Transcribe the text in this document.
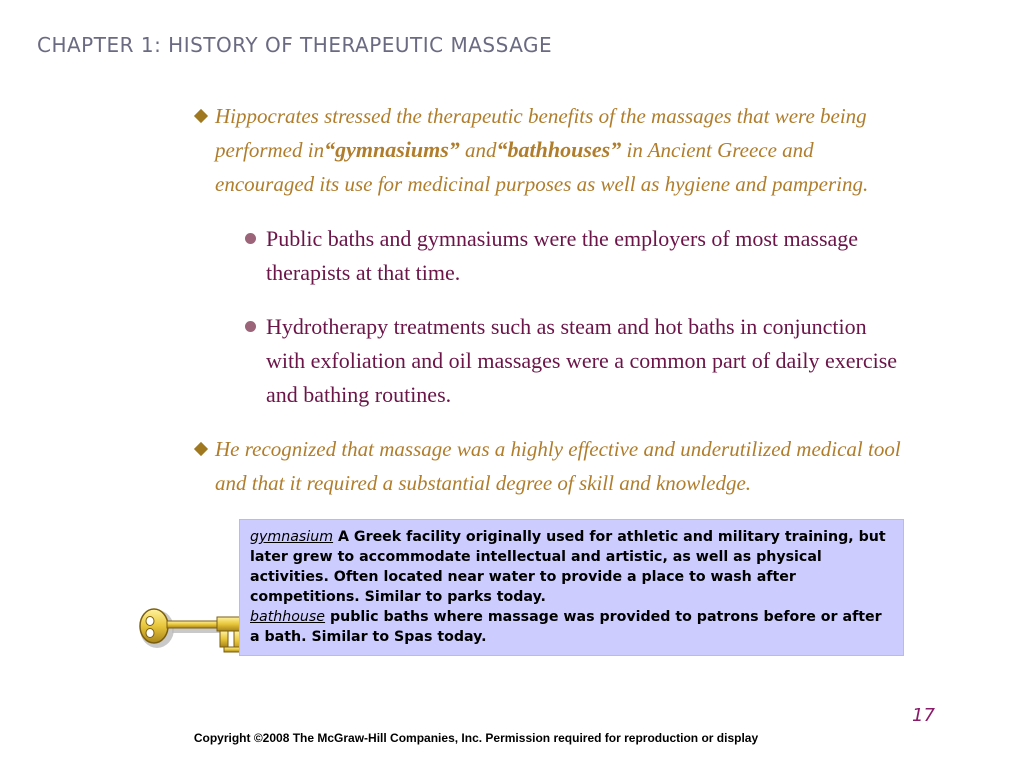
CHAPTER 1: HISTORY OF THERAPEUTIC MASSAGE
Hippocrates stressed the therapeutic benefits of the massages that were being performed in“gymnasiums” and“bathhouses” in Ancient Greece and encouraged its use for medicinal purposes as well as hygiene and pampering.
Public baths and gymnasiums were the employers of most massage therapists at that time.
Hydrotherapy treatments such as steam and hot baths in conjunction with exfoliation and oil massages were a common part of daily exercise and bathing routines.
He recognized that massage was a highly effective and underutilized medical tool and that it required a substantial degree of skill and knowledge.
gymnasium A Greek facility originally used for athletic and military training, but later grew to accommodate intellectual and artistic, as well as physical activities. Often located near water to provide a place to wash after competitions. Similar to parks today.
bathhouse public baths where massage was provided to patrons before or after a bath. Similar to Spas today.
17
Copyright ©2008 The McGraw-Hill Companies, Inc. Permission required for reproduction or display
